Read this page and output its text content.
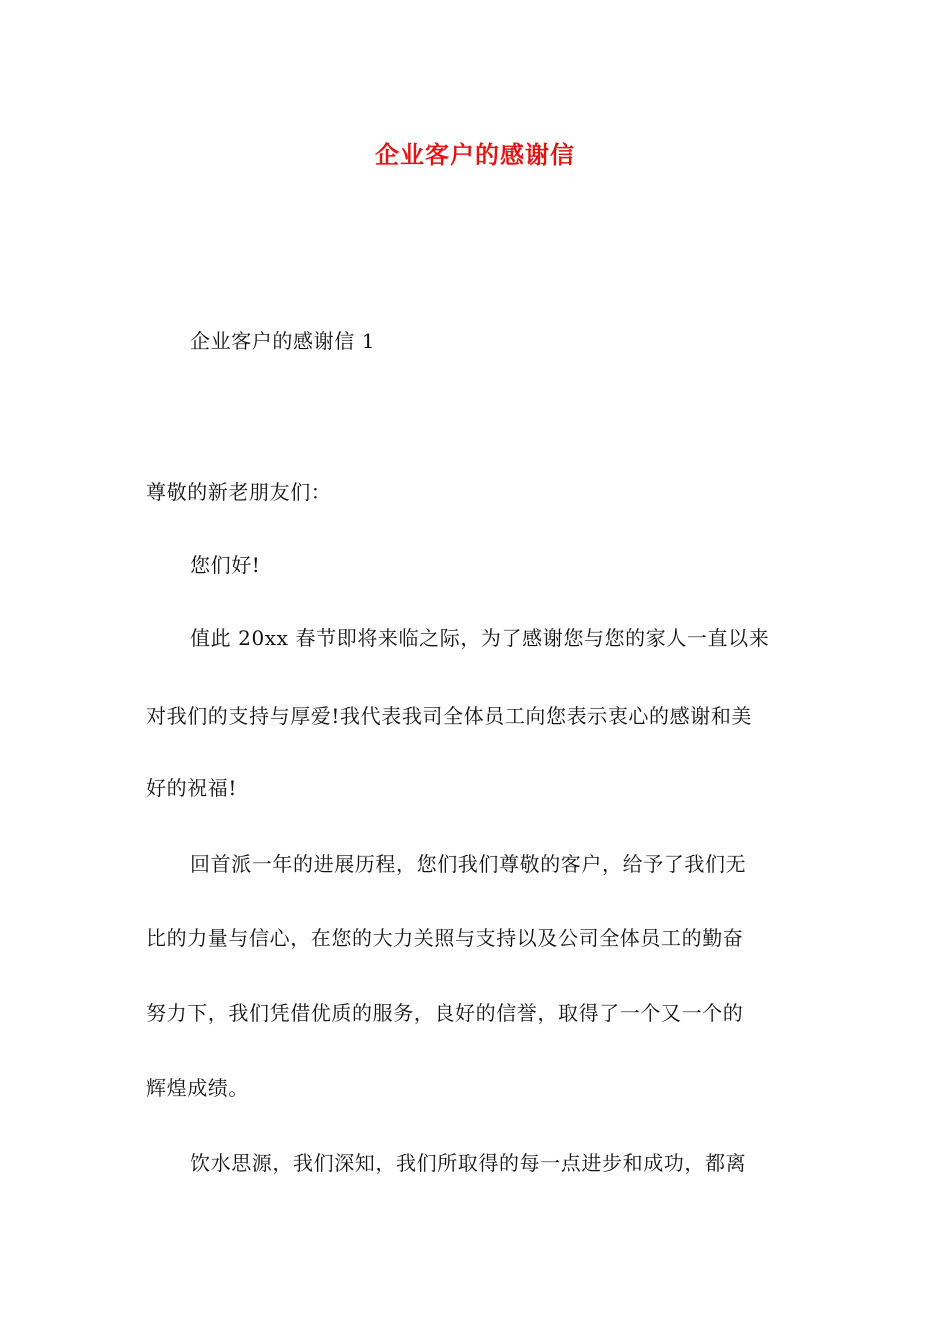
企业客户的感谢信
企业客户的感谢信 1
尊敬的新老朋友们：
您们好!
值此 20xx 春节即将来临之际，为了感谢您与您的家人一直以来
对我们的支持与厚爱!我代表我司全体员工向您表示衷心的感谢和美
好的祝福!
回首派一年的进展历程，您们我们尊敬的客户，给予了我们无
比的力量与信心，在您的大力关照与支持以及公司全体员工的勤奋
努力下，我们凭借优质的服务，良好的信誉，取得了一个又一个的
辉煌成绩。
饮水思源，我们深知，我们所取得的每一点进步和成功，都离
